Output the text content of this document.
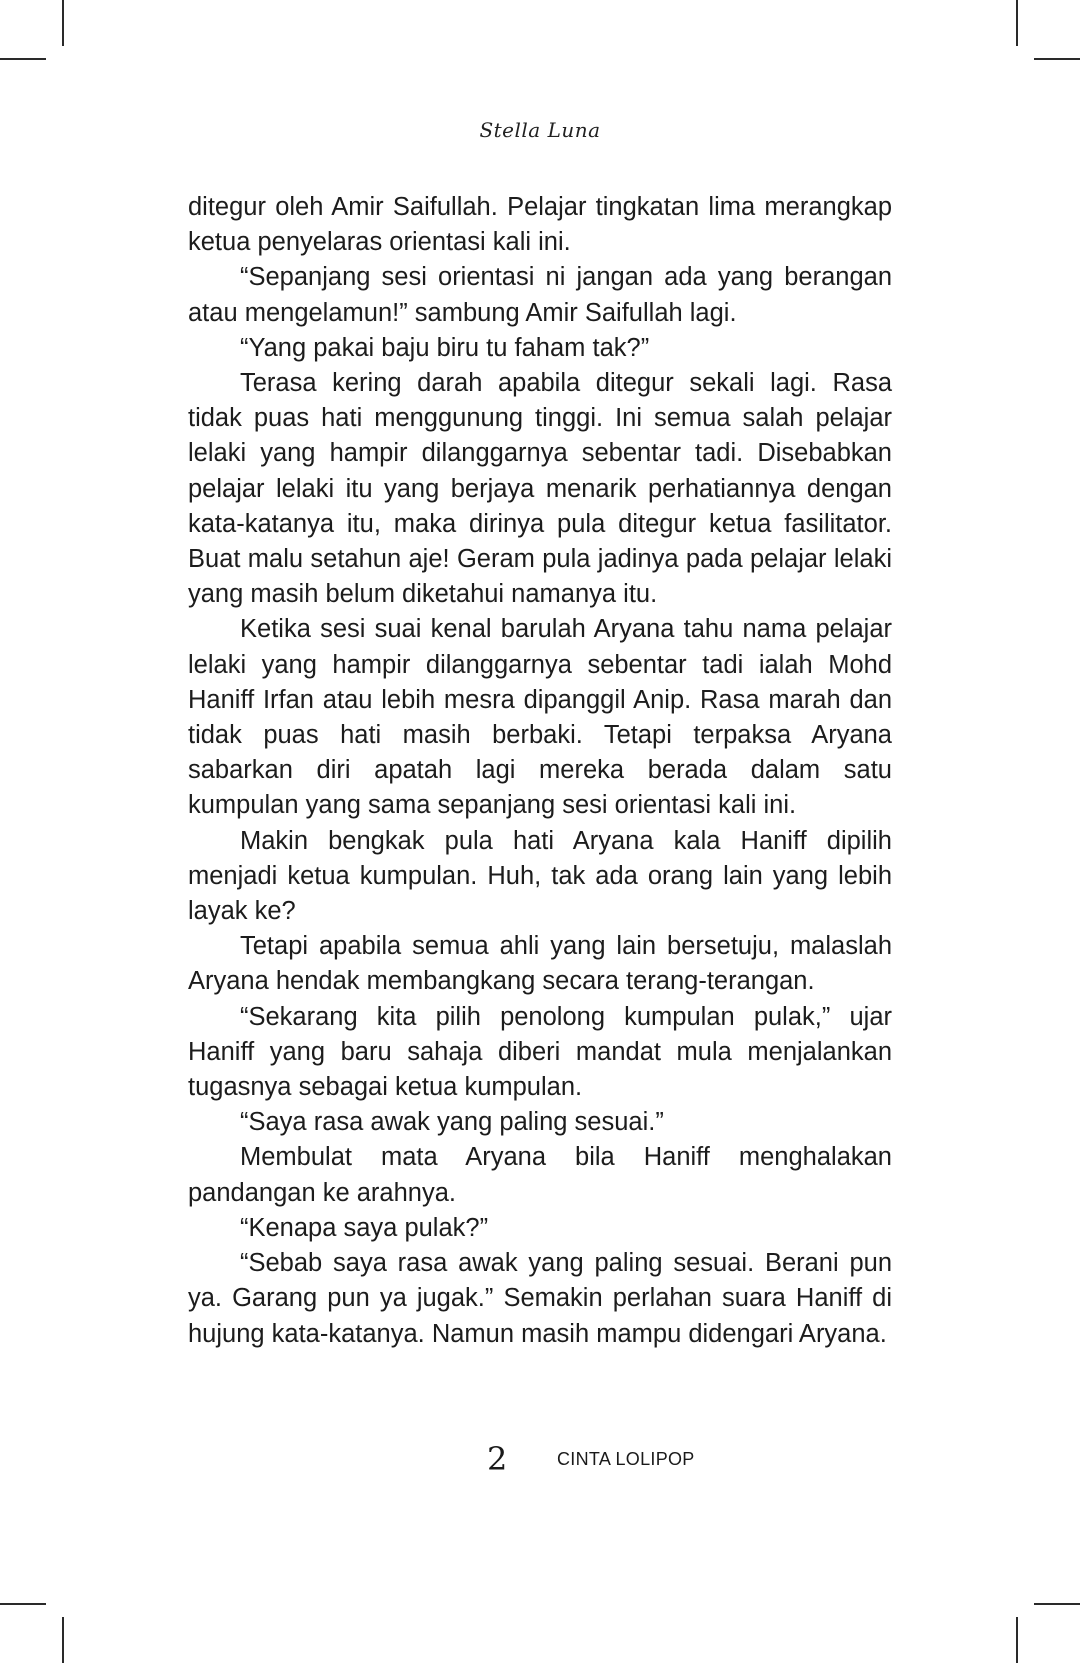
Stella Luna

ditegur oleh Amir Saifullah. Pelajar tingkatan lima merangkap ketua penyelaras orientasi kali ini.

“Sepanjang sesi orientasi ni jangan ada yang berangan atau mengelamun!” sambung Amir Saifullah lagi.

“Yang pakai baju biru tu faham tak?”

Terasa kering darah apabila ditegur sekali lagi. Rasa tidak puas hati menggunung tinggi. Ini semua salah pelajar lelaki yang hampir dilanggarnya sebentar tadi. Disebabkan pelajar lelaki itu yang berjaya menarik perhatiannya dengan kata-katanya itu, maka dirinya pula ditegur ketua fasilitator. Buat malu setahun aje! Geram pula jadinya pada pelajar lelaki yang masih belum diketahui namanya itu.

Ketika sesi suai kenal barulah Aryana tahu nama pelajar lelaki yang hampir dilanggarnya sebentar tadi ialah Mohd Haniff Irfan atau lebih mesra dipanggil Anip. Rasa marah dan tidak puas hati masih berbaki. Tetapi terpaksa Aryana sabarkan diri apatah lagi mereka berada dalam satu kumpulan yang sama sepanjang sesi orientasi kali ini.

Makin bengkak pula hati Aryana kala Haniff dipilih menjadi ketua kumpulan. Huh, tak ada orang lain yang lebih layak ke?

Tetapi apabila semua ahli yang lain bersetuju, malaslah Aryana hendak membangkang secara terang-terangan.

“Sekarang kita pilih penolong kumpulan pulak,” ujar Haniff yang baru sahaja diberi mandat mula menjalankan tugasnya sebagai ketua kumpulan.

“Saya rasa awak yang paling sesuai.”

Membulat mata Aryana bila Haniff menghalakan pandangan ke arahnya.

“Kenapa saya pulak?”

“Sebab saya rasa awak yang paling sesuai. Berani pun ya. Garang pun ya jugak.” Semakin perlahan suara Haniff di hujung kata-katanya. Namun masih mampu didengari Aryana.

2	CINTA LOLIPOP
